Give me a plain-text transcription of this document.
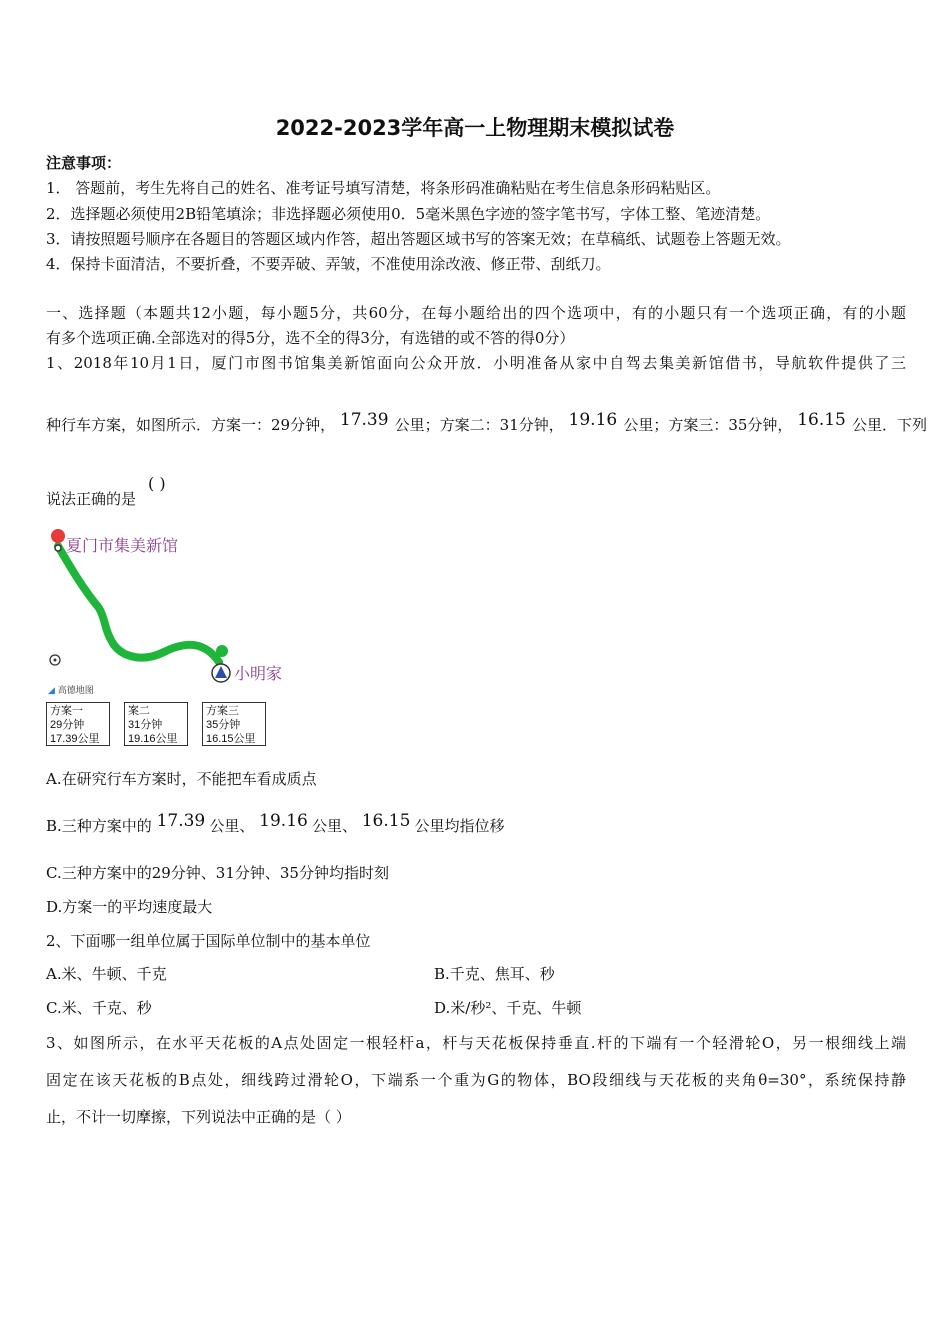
2022-2023学年高一上物理期末模拟试卷
注意事项：
1． 答题前，考生先将自己的姓名、准考证号填写清楚，将条形码准确粘贴在考生信息条形码粘贴区。
2．选择题必须使用2B铅笔填涂；非选择题必须使用0．5毫米黑色字迹的签字笔书写，字体工整、笔迹清楚。
3．请按照题号顺序在各题目的答题区域内作答，超出答题区域书写的答案无效；在草稿纸、试题卷上答题无效。
4．保持卡面清洁，不要折叠，不要弄破、弄皱，不准使用涂改液、修正带、刮纸刀。
一、选择题（本题共12小题，每小题5分，共60分，在每小题给出的四个选项中，有的小题只有一个选项正确，有的小题
有多个选项正确.全部选对的得5分，选不全的得3分，有选错的或不答的得0分）
1、2018年10月1日，厦门市图书馆集美新馆面向公众开放．小明准备从家中自驾去集美新馆借书，导航软件提供了三
种行车方案，如图所示．方案一：29分钟， 17.39 公里；方案二：31分钟， 19.16 公里；方案三：35分钟， 16.15 公里．下列
说法正确的是
( )
夏门市集美新馆
小明家
◢ 高德地图
方案一
29分钟
17.39公里
案二
31分钟
19.16公里
方案三
35分钟
16.15公里
A.在研究行车方案时，不能把车看成质点
B.三种方案中的 17.39 公里、 19.16 公里、 16.15 公里均指位移
C.三种方案中的29分钟、31分钟、35分钟均指时刻
D.方案一的平均速度最大
2、下面哪一组单位属于国际单位制中的基本单位
A.米、牛顿、千克	B.千克、焦耳、秒
C.米、千克、秒	D.米/秒²、千克、牛顿
3、如图所示，在水平天花板的A点处固定一根轻杆a，杆与天花板保持垂直.杆的下端有一个轻滑轮O，另一根细线上端
固定在该天花板的B点处，细线跨过滑轮O，下端系一个重为G的物体，BO段细线与天花板的夹角θ=30°，系统保持静
止，不计一切摩擦，下列说法中正确的是（ ）
